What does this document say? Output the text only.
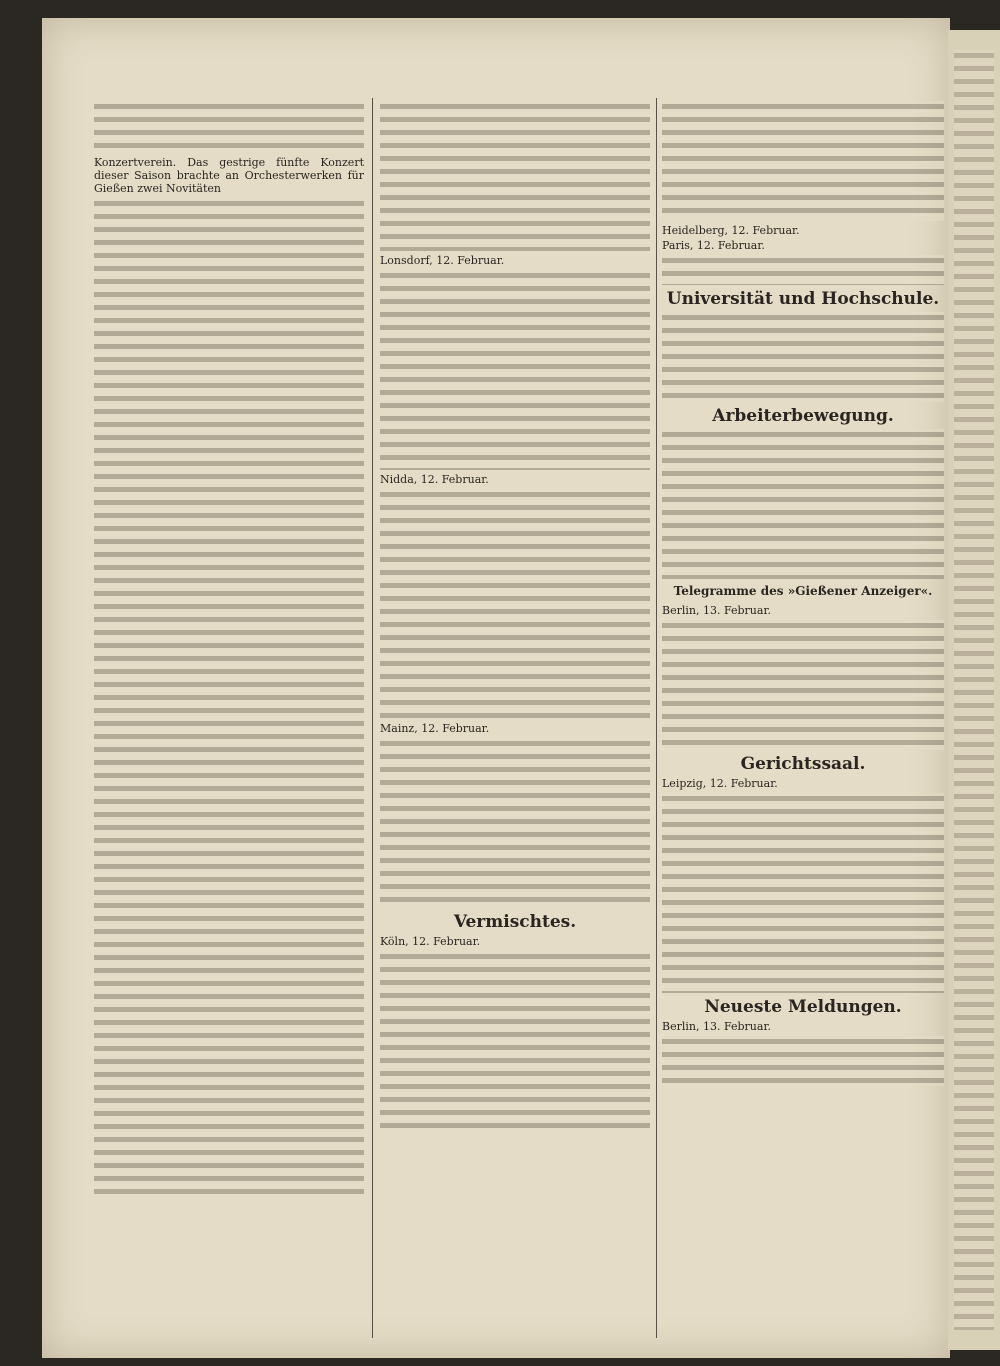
Konzertverein. Das gestrige fünfte Konzert dieser Saison brachte an Orchesterwerken für Gießen zwei Novitäten

Lonsdorf, 12. Februar.

Nidda, 12. Februar.

Mainz, 12. Februar.

Vermischtes.

Köln, 12. Februar.

Heidelberg, 12. Februar.

Paris, 12. Februar.

Universität und Hochschule.
Arbeiterbewegung.
Telegramme des »Gießener Anzeiger«.

Berlin, 13. Februar.

Gerichtssaal.

Leipzig, 12. Februar.

Neueste Meldungen.

Berlin, 13. Februar.
